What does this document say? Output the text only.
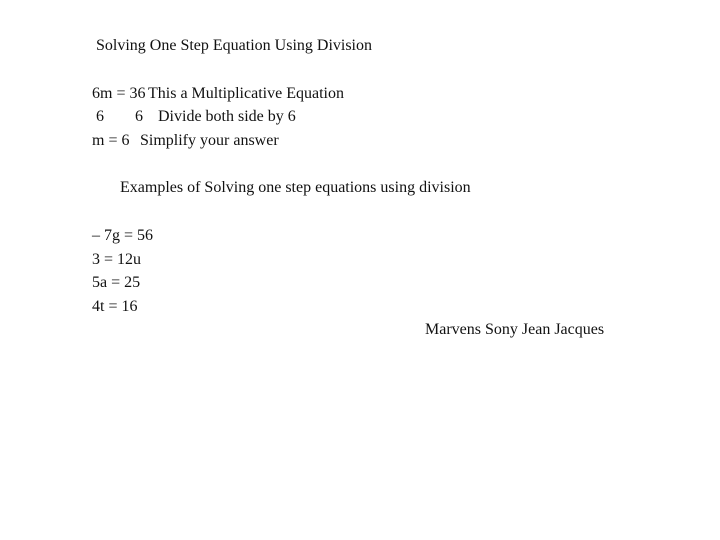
Solving One Step Equation Using Division
6m = 36 This a Multiplicative Equation
6 6 Divide both side by 6
m = 6 Simplify your answer
Examples of Solving one step equations using division
– 7g = 56
3 = 12u
5a = 25
4t = 16
Marvens Sony Jean Jacques
